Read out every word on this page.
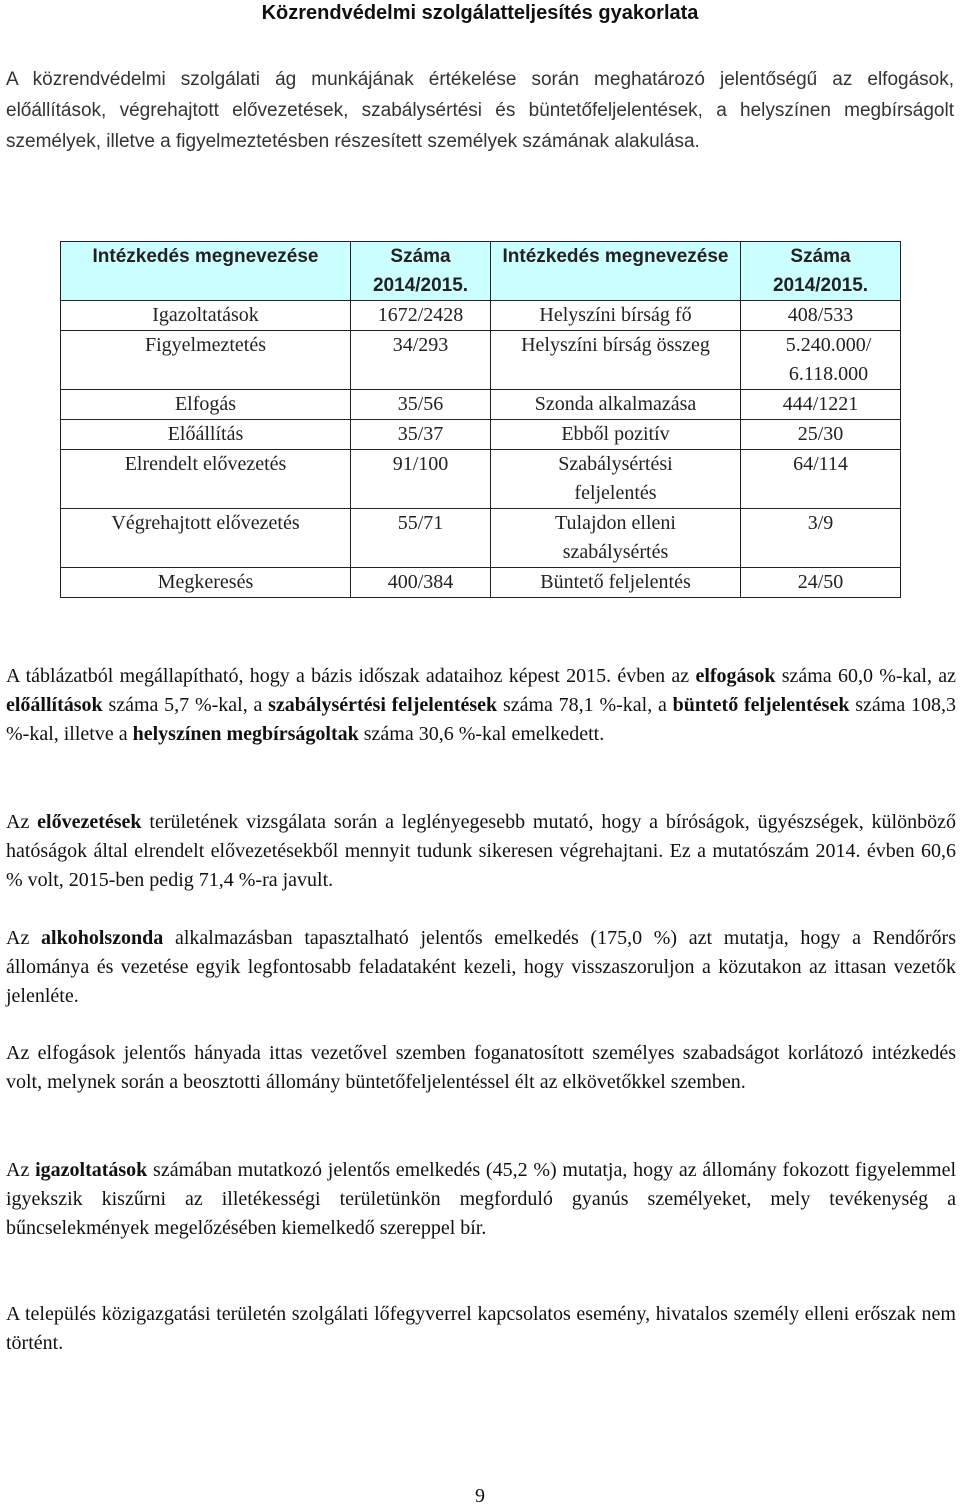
Közrendvédelmi szolgálatteljesítés gyakorlata
A közrendvédelmi szolgálati ág munkájának értékelése során meghatározó jelentőségű az elfogások, előállítások, végrehajtott elővezetések, szabálysértési és büntetőfeljelentések, a helyszínen megbírságolt személyek, illetve a figyelmeztetésben részesített személyek számának alakulása.
Intézkedés megnevezése	Száma 2014/2015.	Intézkedés megnevezése	Száma 2014/2015.
Igazoltatások	1672/2428	Helyszíni bírság fő	408/533
Figyelmeztetés	34/293	Helyszíni bírság összeg	5.240.000/ 6.118.000
Elfogás	35/56	Szonda alkalmazása	444/1221
Előállítás	35/37	Ebből pozitív	25/30
Elrendelt elővezetés	91/100	Szabálysértési feljelentés	64/114
Végrehajtott elővezetés	55/71	Tulajdon elleni szabálysértés	3/9
Megkeresés	400/384	Büntető feljelentés	24/50

A táblázatból megállapítható, hogy a bázis időszak adataihoz képest 2015. évben az elfogások száma 60,0 %-kal, az előállítások száma 5,7 %-kal, a szabálysértési feljelentések száma 78,1 %-kal, a büntető feljelentések száma 108,3 %-kal, illetve a helyszínen megbírságoltak száma 30,6 %-kal emelkedett.

Az elővezetések területének vizsgálata során a leglényegesebb mutató, hogy a bíróságok, ügyészségek, különböző hatóságok által elrendelt elővezetésekből mennyit tudunk sikeresen végrehajtani. Ez a mutatószám 2014. évben 60,6 % volt, 2015-ben pedig 71,4 %-ra javult.

Az alkoholszonda alkalmazásban tapasztalható jelentős emelkedés (175,0 %) azt mutatja, hogy a Rendőrőrs állománya és vezetése egyik legfontosabb feladataként kezeli, hogy visszaszoruljon a közutakon az ittasan vezetők jelenléte.

Az elfogások jelentős hányada ittas vezetővel szemben foganatosított személyes szabadságot korlátozó intézkedés volt, melynek során a beosztotti állomány büntetőfeljelentéssel élt az elkövetőkkel szemben.

Az igazoltatások számában mutatkozó jelentős emelkedés (45,2 %) mutatja, hogy az állomány fokozott figyelemmel igyekszik kiszűrni az illetékességi területünkön megforduló gyanús személyeket, mely tevékenység a bűncselekmények megelőzésében kiemelkedő szereppel bír.

A település közigazgatási területén szolgálati lőfegyverrel kapcsolatos esemény, hivatalos személy elleni erőszak nem történt.

9
